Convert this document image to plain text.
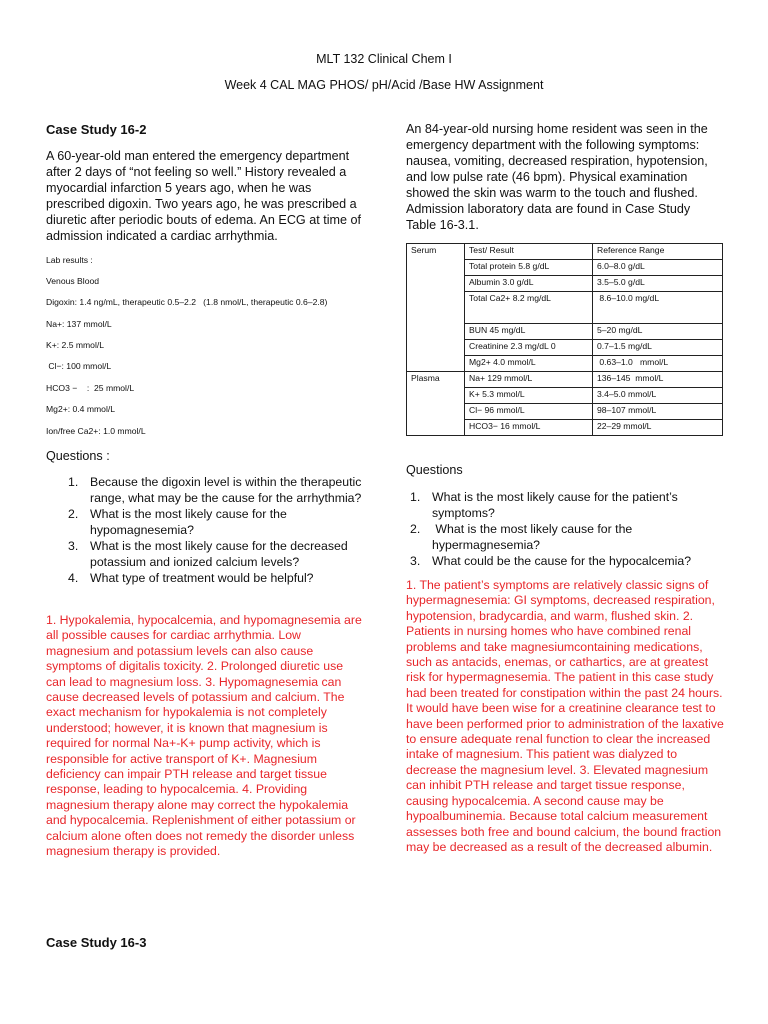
MLT 132 Clinical Chem I
Week 4 CAL MAG PHOS/ pH/Acid /Base HW Assignment
Case Study 16-2
A 60-year-old man entered the emergency department after 2 days of “not feeling so well.” History revealed a myocardial infarction 5 years ago, when he was prescribed digoxin. Two years ago, he was prescribed a diuretic after periodic bouts of edema. An ECG at time of admission indicated a cardiac arrhythmia.
Lab results :
Venous Blood
Digoxin: 1.4 ng/mL, therapeutic 0.5–2.2   (1.8 nmol/L, therapeutic 0.6–2.8)
Na+: 137 mmol/L
K+: 2.5 mmol/L
Cl−: 100 mmol/L
HCO3 −    :  25 mmol/L
Mg2+: 0.4 mmol/L
Ion/free Ca2+: 1.0 mmol/L
Questions :
1. Because the digoxin level is within the therapeutic range, what may be the cause for the arrhythmia?
2. What is the most likely cause for the hypomagnesemia?
3. What is the most likely cause for the decreased potassium and ionized calcium levels?
4. What type of treatment would be helpful?
1. Hypokalemia, hypocalcemia, and hypomagnesemia are all possible causes for cardiac arrhythmia. Low magnesium and potassium levels can also cause symptoms of digitalis toxicity. 2. Prolonged diuretic use can lead to magnesium loss. 3. Hypomagnesemia can cause decreased levels of potassium and calcium. The exact mechanism for hypokalemia is not completely understood; however, it is known that magnesium is required for normal Na+-K+ pump activity, which is responsible for active transport of K+. Magnesium deficiency can impair PTH release and target tissue response, leading to hypocalcemia. 4. Providing magnesium therapy alone may correct the hypokalemia and hypocalcemia. Replenishment of either potassium or calcium alone often does not remedy the disorder unless magnesium therapy is provided.
Case Study 16-3
An 84-year-old nursing home resident was seen in the emergency department with the following symptoms: nausea, vomiting, decreased respiration, hypotension, and low pulse rate (46 bpm). Physical examination showed the skin was warm to the touch and flushed. Admission laboratory data are found in Case Study Table 16-3.1.
Serum	Test/ Result	Reference Range
	Total protein 5.8 g/dL	6.0–8.0 g/dL
	Albumin 3.0 g/dL	3.5–5.0 g/dL
	Total Ca2+ 8.2 mg/dL	8.6–10.0 mg/dL
	BUN 45 mg/dL	5–20 mg/dL
	Creatinine 2.3 mg/dL 0	0.7–1.5 mg/dL
	Mg2+ 4.0 mmol/L	0.63–1.0   mmol/L
Plasma	Na+ 129 mmol/L	136–145  mmol/L
	K+ 5.3 mmol/L	3.4–5.0 mmol/L
	Cl− 96 mmol/L	98–107 mmol/L
	HCO3− 16 mmol/L	22–29 mmol/L
Questions
1. What is the most likely cause for the patient’s symptoms?
2. What is the most likely cause for the hypermagnesemia?
3. What could be the cause for the hypocalcemia?
1. The patient’s symptoms are relatively classic signs of hypermagnesemia: GI symptoms, decreased respiration, hypotension, bradycardia, and warm, flushed skin. 2. Patients in nursing homes who have combined renal problems and take magnesiumcontaining medications, such as antacids, enemas, or cathartics, are at greatest risk for hypermagnesemia. The patient in this case study had been treated for constipation within the past 24 hours. It would have been wise for a creatinine clearance test to have been performed prior to administration of the laxative to ensure adequate renal function to clear the increased intake of magnesium. This patient was dialyzed to decrease the magnesium level. 3. Elevated magnesium can inhibit PTH release and target tissue response, causing hypocalcemia. A second cause may be hypoalbuminemia. Because total calcium measurement assesses both free and bound calcium, the bound fraction may be decreased as a result of the decreased albumin.
